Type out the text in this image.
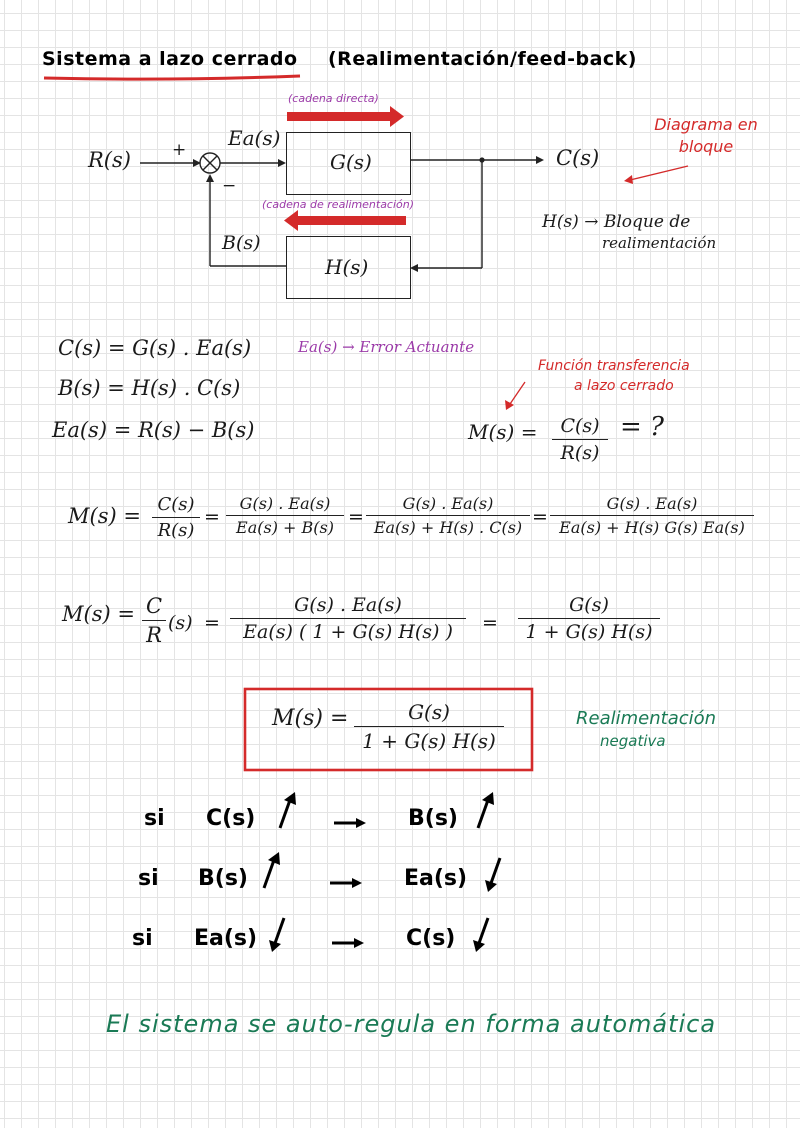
Sistema a lazo cerrado (Realimentación/feed-back)
(cadena directa)
(cadena de realimentación)
R(s) +
−
Ea(s)
G(s)
H(s)
C(s)
B(s)
Diagrama en bloque
H(s) → Bloque de
realimentación
C(s) = G(s) . Ea(s)
B(s) = H(s) . C(s)
Ea(s) = R(s) − B(s)
Ea(s) → Error Actuante
Función transferencia
a lazo cerrado
M(s) =	C(s)
R(s)
= ?
M(s) = C(s)
R(s)
=
G(s) . Ea(s)
Ea(s) + B(s) =
G(s) . Ea(s)
Ea(s) + H(s) . C(s) =
G(s) . Ea(s)
Ea(s) + H(s) G(s) Ea(s)
M(s) = C
R (s) =
G(s) . Ea(s)
Ea(s) ( 1 + G(s) H(s) )	=
G(s)
1 + G(s) H(s)
M(s) =	G(s)
1 + G(s) H(s)
Realimentación
negativa
si C(s)	B(s)
si B(s)	Ea(s)
si Ea(s)	C(s)
El sistema se auto-regula en forma automática
